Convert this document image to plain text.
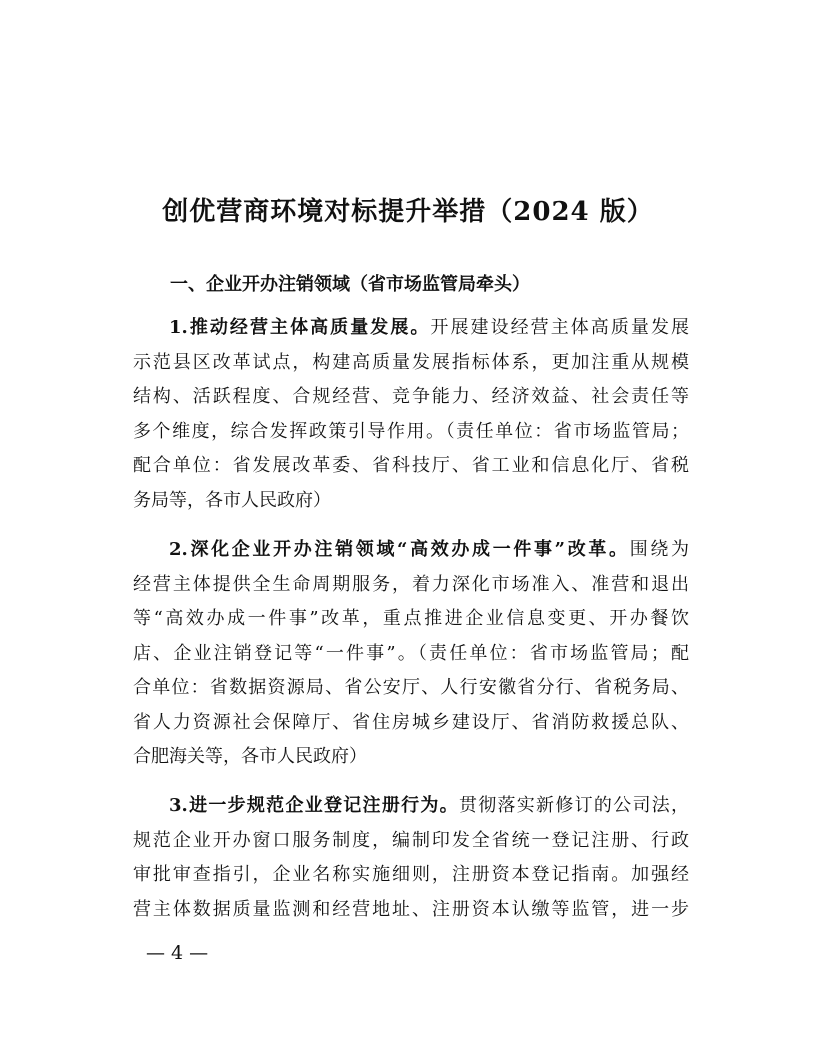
创优营商环境对标提升举措（2024 版）
一、企业开办注销领域（省市场监管局牵头）
1.推动经营主体高质量发展。开展建设经营主体高质量发展
示范县区改革试点，构建高质量发展指标体系，更加注重从规模
结构、活跃程度、合规经营、竞争能力、经济效益、社会责任等
多个维度，综合发挥政策引导作用。（责任单位：省市场监管局；
配合单位：省发展改革委、省科技厅、省工业和信息化厅、省税
务局等，各市人民政府）
2.深化企业开办注销领域“高效办成一件事”改革。围绕为
经营主体提供全生命周期服务，着力深化市场准入、准营和退出
等“高效办成一件事”改革，重点推进企业信息变更、开办餐饮
店、企业注销登记等“一件事”。（责任单位：省市场监管局；配
合单位：省数据资源局、省公安厅、人行安徽省分行、省税务局、
省人力资源社会保障厅、省住房城乡建设厅、省消防救援总队、
合肥海关等，各市人民政府）
3.进一步规范企业登记注册行为。贯彻落实新修订的公司法，
规范企业开办窗口服务制度，编制印发全省统一登记注册、行政
审批审查指引，企业名称实施细则，注册资本登记指南。加强经
营主体数据质量监测和经营地址、注册资本认缴等监管，进一步
— 4 —
